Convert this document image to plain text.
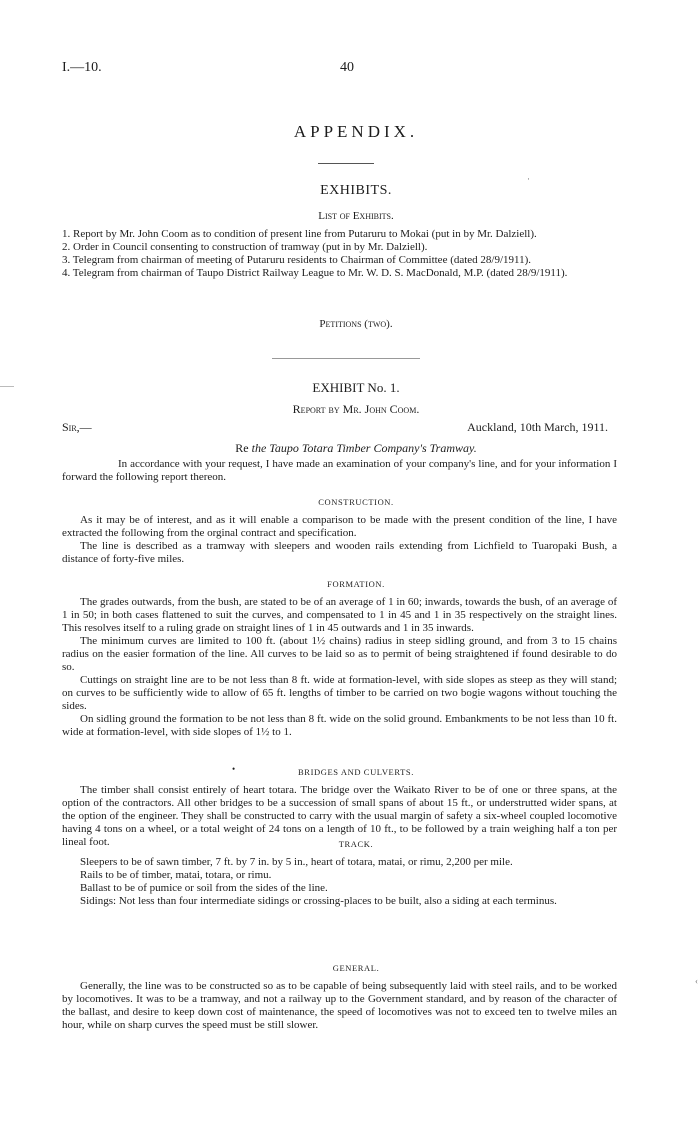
I.—10.	40
APPENDIX.
·
EXHIBITS.
List of Exhibits.
1. Report by Mr. John Coom as to condition of present line from Putaruru to Mokai (put in by Mr. Dalziell).
2. Order in Council consenting to construction of tramway (put in by Mr. Dalziell).
3. Telegram from chairman of meeting of Putaruru residents to Chairman of Committee (dated 28/9/1911).
4. Telegram from chairman of Taupo District Railway League to Mr. W. D. S. MacDonald, M.P. (dated 28/9/1911).
Petitions (two).
EXHIBIT No. 1.
Report by Mr. John Coom.
Sir,—	Auckland, 10th March, 1911.
Re the Taupo Totara Timber Company's Tramway.

In accordance with your request, I have made an examination of your company's line, and for your information I forward the following report thereon.

CONSTRUCTION.

As it may be of interest, and as it will enable a comparison to be made with the present condition of the line, I have extracted the following from the orginal contract and specification.

The line is described as a tramway with sleepers and wooden rails extending from Lichfield to Tuaropaki Bush, a distance of forty-five miles.

FORMATION.

The grades outwards, from the bush, are stated to be of an average of 1 in 60; inwards, towards the bush, of an average of 1 in 50; in both cases flattened to suit the curves, and compensated to 1 in 45 and 1 in 35 respectively on the straight lines. This resolves itself to a ruling grade on straight lines of 1 in 45 outwards and 1 in 35 inwards.

The minimum curves are limited to 100 ft. (about 1½ chains) radius in steep sidling ground, and from 3 to 15 chains radius on the easier formation of the line. All curves to be laid so as to permit of being straightened if found desirable to do so.

Cuttings on straight line are to be not less than 8 ft. wide at formation-level, with side slopes as steep as they will stand; on curves to be sufficiently wide to allow of 65 ft. lengths of timber to be carried on two bogie wagons without touching the sides.

On sidling ground the formation to be not less than 8 ft. wide on the solid ground. Embankments to be not less than 10 ft. wide at formation-level, with side slopes of 1½ to 1.

•	BRIDGES AND CULVERTS.

The timber shall consist entirely of heart totara. The bridge over the Waikato River to be of one or three spans, at the option of the contractors. All other bridges to be a succession of small spans of about 15 ft., or understrutted wider spans, at the option of the engineer. They shall be constructed to carry with the usual margin of safety a six-wheel coupled locomotive having 4 tons on a wheel, or a total weight of 24 tons on a length of 10 ft., to be followed by a train weighing half a ton per lineal foot.	TRACK.

Sleepers to be of sawn timber, 7 ft. by 7 in. by 5 in., heart of totara, matai, or rimu, 2,200 per mile.

Rails to be of timber, matai, totara, or rimu.

Ballast to be of pumice or soil from the sides of the line.

Sidings: Not less than four intermediate sidings or crossing-places to be built, also a siding at each terminus.

GENERAL.
‹

Generally, the line was to be constructed so as to be capable of being subsequently laid with steel rails, and to be worked by locomotives. It was to be a tramway, and not a railway up to the Government standard, and by reason of the character of the ballast, and desire to keep down cost of maintenance, the speed of locomotives was not to exceed ten to twelve miles an hour, while on sharp curves the speed must be still slower.
